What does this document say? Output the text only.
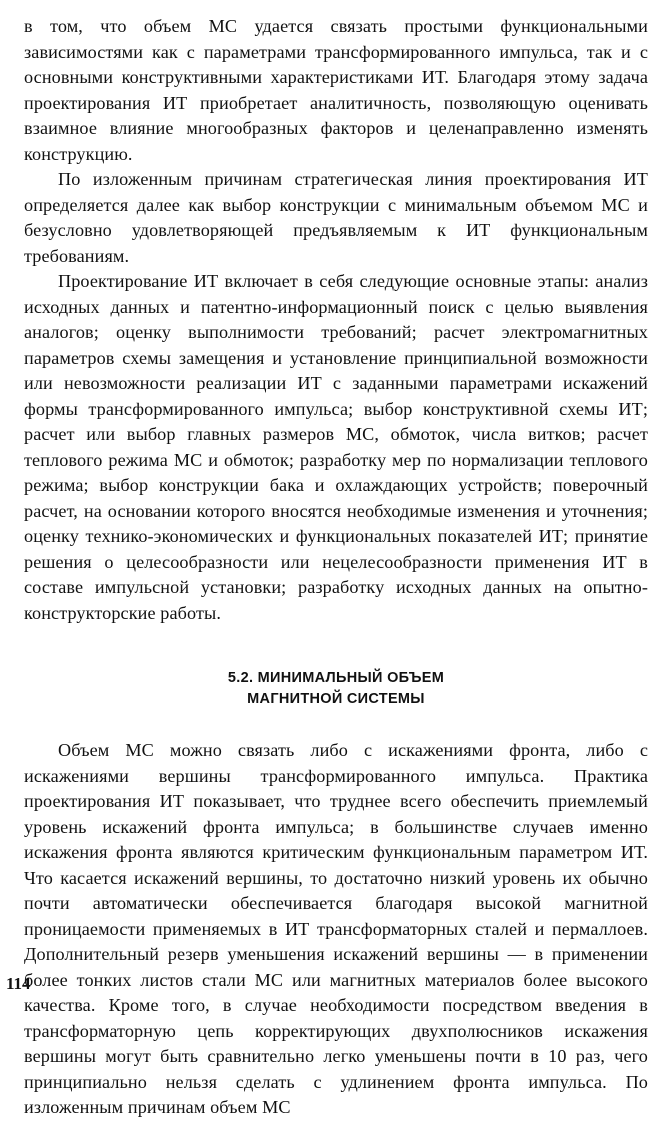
в том, что объем МС удается связать простыми функциональными зависимостями как с параметрами трансформированного импульса, так и с основными конструктивными характеристиками ИТ. Благодаря этому задача проектирования ИТ приобретает аналитичность, позволяющую оценивать взаимное влияние многообразных факторов и целенаправленно изменять конструкцию.

По изложенным причинам стратегическая линия проектирования ИТ определяется далее как выбор конструкции с минимальным объемом МС и безусловно удовлетворяющей предъявляемым к ИТ функциональным требованиям.

Проектирование ИТ включает в себя следующие основные этапы: анализ исходных данных и патентно-информационный поиск с целью выявления аналогов; оценку выполнимости требований; расчет электромагнитных параметров схемы замещения и установление принципиальной возможности или невозможности реализации ИТ с заданными параметрами искажений формы трансформированного импульса; выбор конструктивной схемы ИТ; расчет или выбор главных размеров МС, обмоток, числа витков; расчет теплового режима МС и обмоток; разработку мер по нормализации теплового режима; выбор конструкции бака и охлаждающих устройств; поверочный расчет, на основании которого вносятся необходимые изменения и уточнения; оценку технико-экономических и функциональных показателей ИТ; принятие решения о целесообразности или нецелесообразности применения ИТ в составе импульсной установки; разработку исходных данных на опытно-конструкторские работы.

5.2. МИНИМАЛЬНЫЙ ОБЪЕМ

МАГНИТНОЙ СИСТЕМЫ

Объем МС можно связать либо с искажениями фронта, либо с искажениями вершины трансформированного импульса. Практика проектирования ИТ показывает, что труднее всего обеспечить приемлемый уровень искажений фронта импульса; в большинстве случаев именно искажения фронта являются критическим функциональным параметром ИТ. Что касается искажений вершины, то достаточно низкий уровень их обычно почти автоматически обеспечивается благодаря высокой магнитной проницаемости применяемых в ИТ трансформаторных сталей и пермаллоев. Дополнительный резерв уменьшения искажений вершины — в применении более тонких листов стали МС или магнитных материалов более высокого качества. Кроме того, в случае необходимости посредством введения в трансформаторную цепь корректирующих двухполюсников искажения вершины могут быть сравнительно легко уменьшены почти в 10 раз, чего принципиально нельзя сделать с удлинением фронта импульса. По изложенным причинам объем МС

114
